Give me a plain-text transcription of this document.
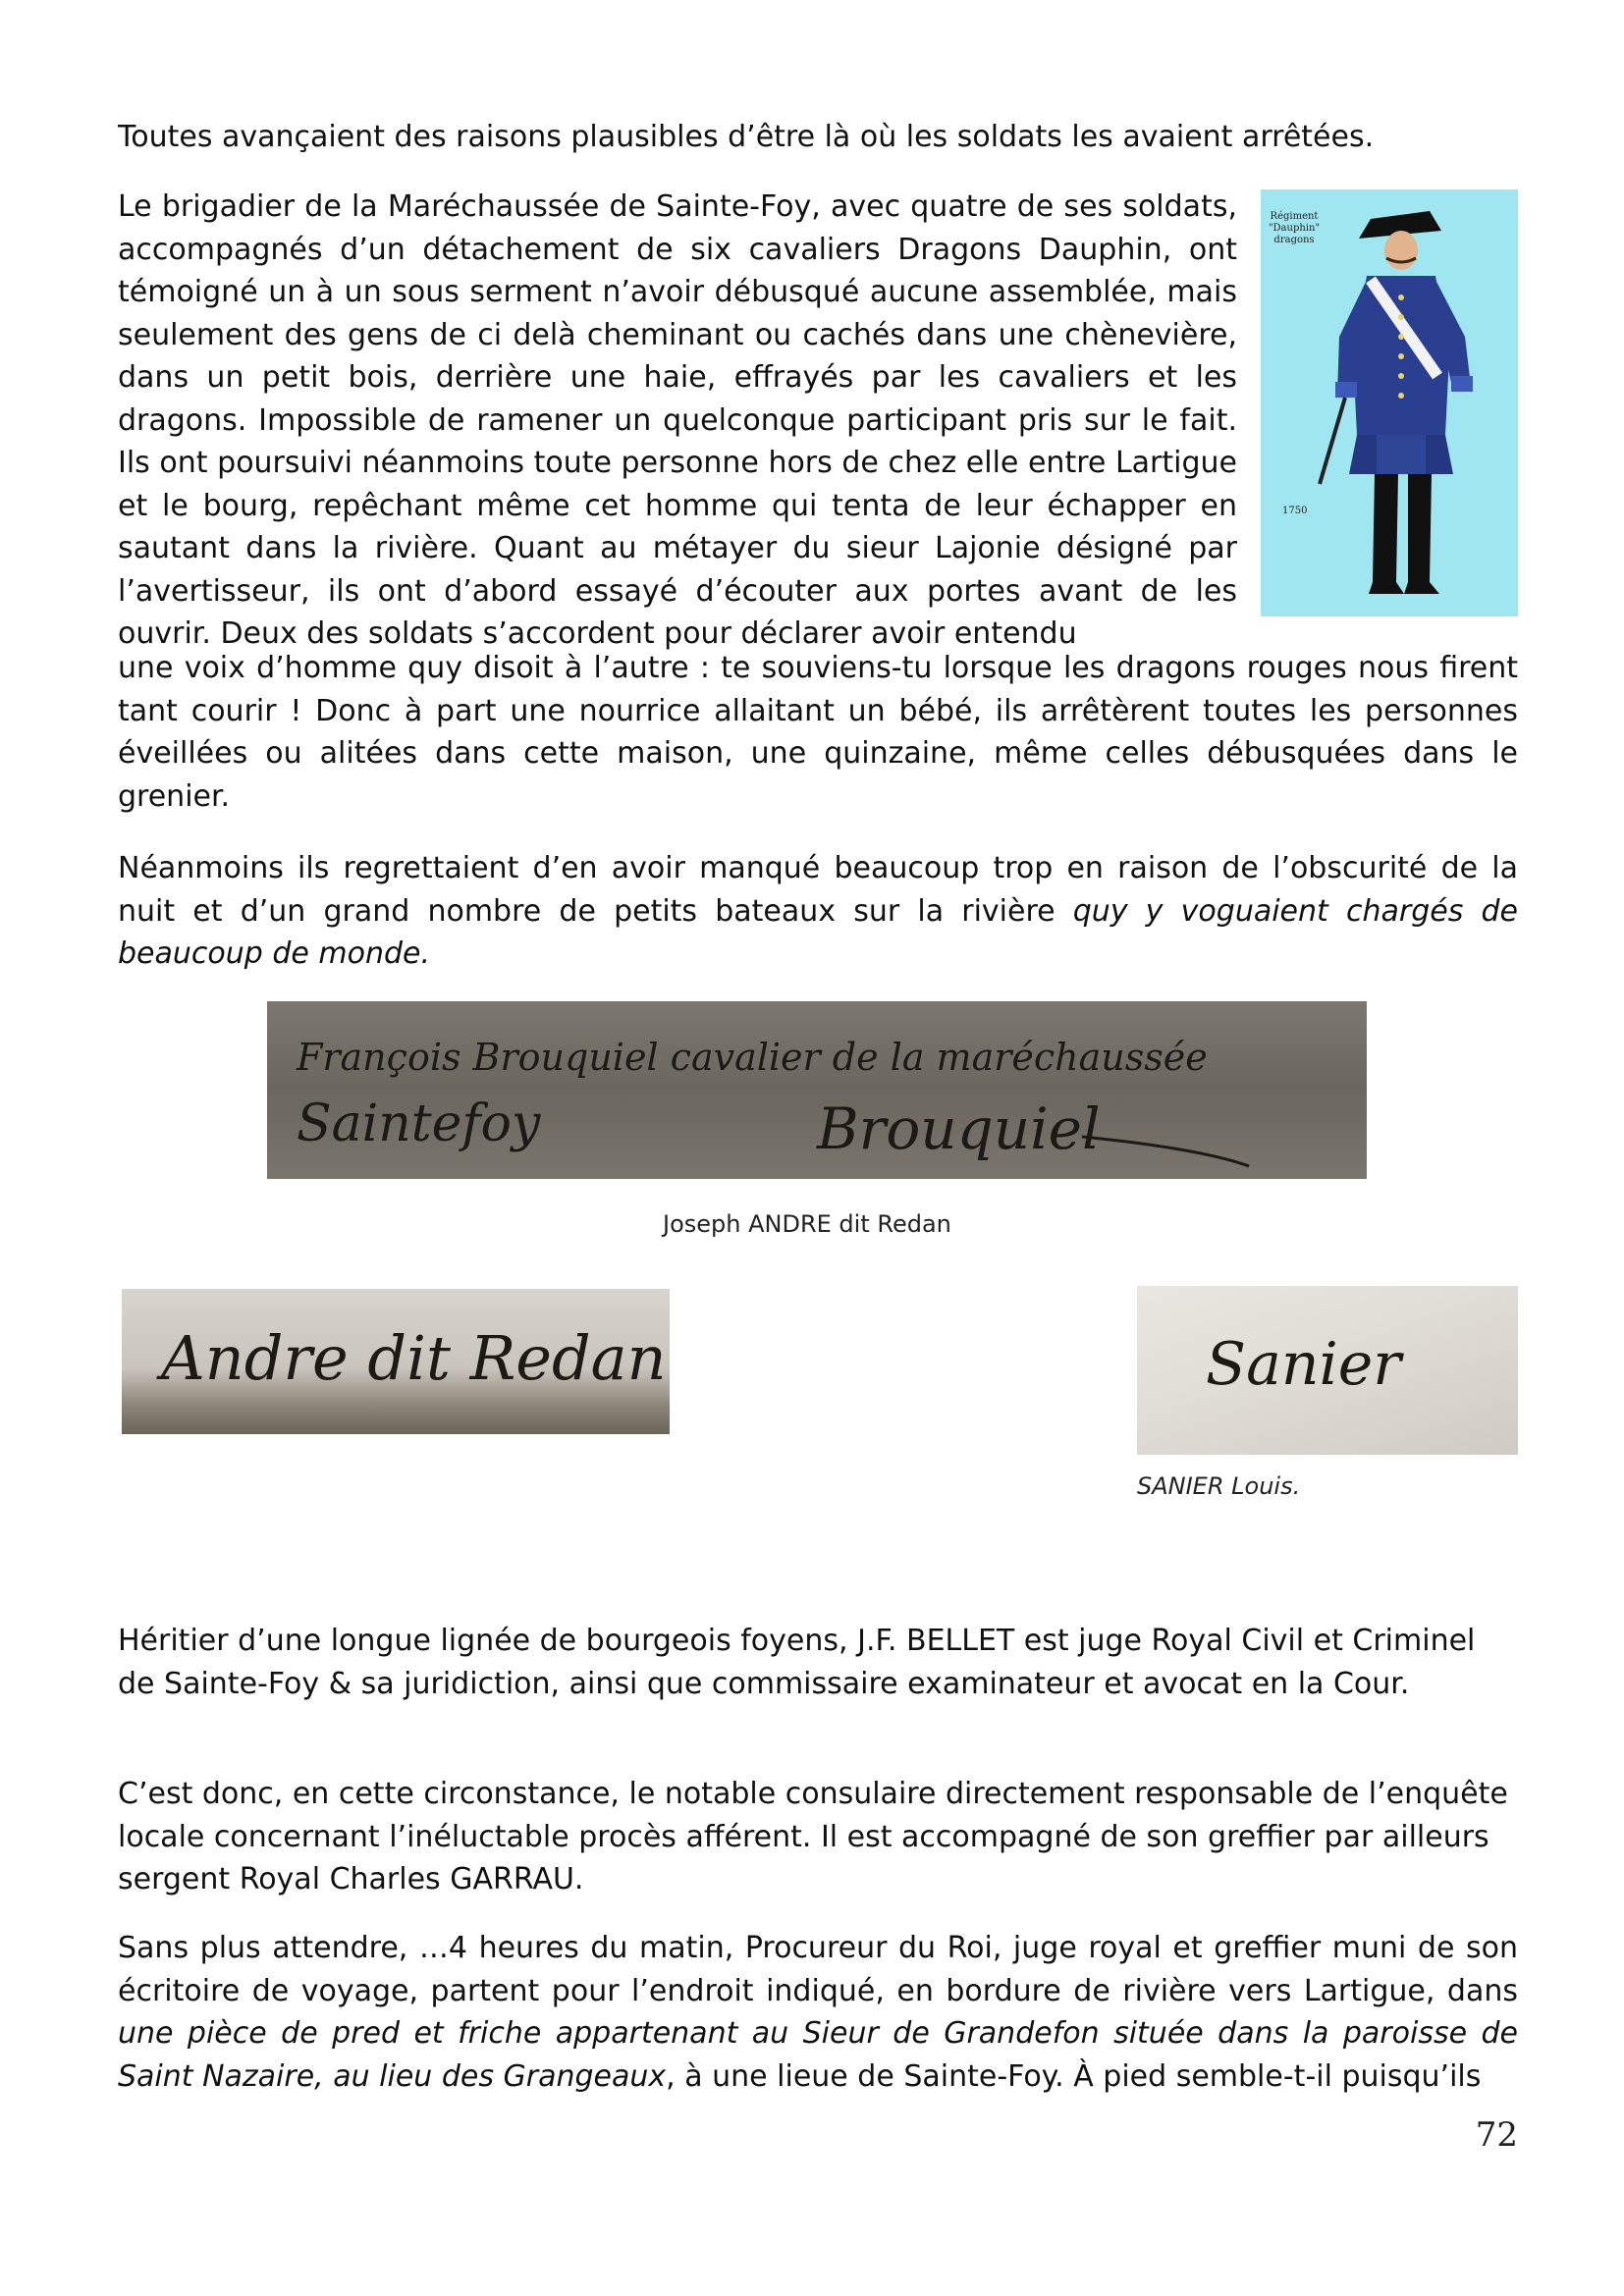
Toutes avançaient des raisons plausibles d’être là où les soldats les avaient arrêtées.

Le brigadier de la Maréchaussée de Sainte-Foy, avec quatre de ses soldats, accompagnés d’un détachement de six cavaliers Dragons Dauphin, ont témoigné un à un sous serment n’avoir débusqué aucune assemblée, mais seulement des gens de ci delà cheminant ou cachés dans une chènevière, dans un petit bois, derrière une haie, effrayés par les cavaliers et les dragons. Impossible de ramener un quelconque participant pris sur le fait. Ils ont poursuivi néanmoins toute personne hors de chez elle entre Lartigue et le bourg, repêchant même cet homme qui tenta de leur échapper en sautant dans la rivière. Quant au métayer du sieur Lajonie désigné par l’avertisseur, ils ont d’abord essayé d’écouter aux portes avant de les ouvrir. Deux des soldats s’accordent pour déclarer avoir entendu

une voix d’homme quy disoit à l’autre : te souviens-tu lorsque les dragons rouges nous firent tant courir ! Donc à part une nourrice allaitant un bébé, ils arrêtèrent toutes les personnes éveillées ou alitées dans cette maison, une quinzaine, même celles débusquées dans le grenier.

Régiment
"Dauphin"
dragons
1750

Néanmoins ils regrettaient d’en avoir manqué beaucoup trop en raison de l’obscurité de la nuit et d’un grand nombre de petits bateaux sur la rivière quy y voguaient chargés de beaucoup de monde.

François Brouquiel cavalier de la maréchaussée
Saintefoy	Brouquiel
Joseph ANDRE dit Redan
Andre dit Redan	Sanier
SANIER Louis.

Héritier d’une longue lignée de bourgeois foyens, J.F. BELLET est juge Royal Civil et Criminel de Sainte-Foy & sa juridiction, ainsi que commissaire examinateur et avocat en la Cour.

C’est donc, en cette circonstance, le notable consulaire directement responsable de l’enquête locale concernant l’inéluctable procès afférent. Il est accompagné de son greffier par ailleurs sergent Royal Charles GARRAU.

Sans plus attendre, …4 heures du matin, Procureur du Roi, juge royal et greffier muni de son écritoire de voyage, partent pour l’endroit indiqué, en bordure de rivière vers Lartigue, dans une pièce de pred et friche appartenant au Sieur de Grandefon située dans la paroisse de Saint Nazaire, au lieu des Grangeaux, à une lieue de Sainte-Foy. À pied semble-t-il puisqu’ils

72
